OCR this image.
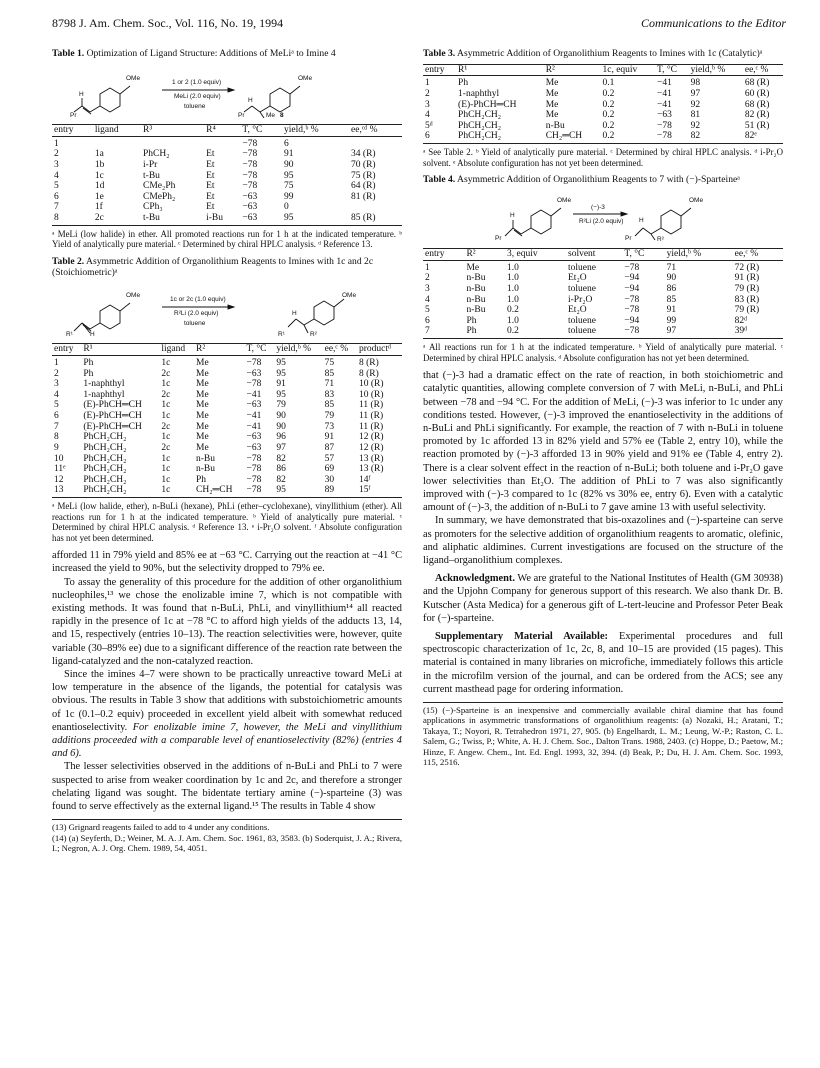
8798 J. Am. Chem. Soc., Vol. 116, No. 19, 1994	Communications to the Editor

Table 1. Optimization of Ligand Structure: Additions of MeLiᵃ to Imine 4

OMe
Pr
H
1 or 2 (1.0 equiv)
MeLi (2.0 equiv)
toluene
OMe
H
Pr	Me 8
entry	ligand	R³	R⁴	T, °C	yield,ᵇ %	ee,ᶜᵈ %
1				−78	6	
2	1a	PhCH₂	Et	−78	91	34 (R)
3	1b	i-Pr	Et	−78	90	70 (R)
4	1c	t-Bu	Et	−78	95	75 (R)
5	1d	CMe₂Ph	Et	−78	75	64 (R)
6	1e	CMePh₂	Et	−63	99	81 (R)
7	1f	CPh₃	Et	−63	0	
8	2c	t-Bu	i-Bu	−63	95	85 (R)

ᵃ MeLi (low halide) in ether. All promoted reactions run for 1 h at the indicated temperature. ᵇ Yield of analytically pure material. ᶜ Determined by chiral HPLC analysis. ᵈ Reference 13.

Table 2. Asymmetric Addition of Organolithium Reagents to Imines with 1c and 2c (Stoichiometric)ᵃ

OMe
R¹	H
1c or 2c (1.0 equiv)
R²Li (2.0 equiv)
toluene
OMe
H
R¹	R²
entry	R¹	ligand	R²	T, °C	yield,ᵇ %	ee,ᶜ %	productᵈ
1	Ph	1c	Me	−78	95	75	8 (R)
2	Ph	2c	Me	−63	95	85	8 (R)
3	1-naphthyl	1c	Me	−78	91	71	10 (R)
4	1-naphthyl	2c	Me	−41	95	83	10 (R)
5	(E)-PhCH═CH	1c	Me	−63	79	85	11 (R)
6	(E)-PhCH═CH	1c	Me	−41	90	79	11 (R)
7	(E)-PhCH═CH	2c	Me	−41	90	73	11 (R)
8	PhCH₂CH₂	1c	Me	−63	96	91	12 (R)
9	PhCH₂CH₂	2c	Me	−63	97	87	12 (R)
10	PhCH₂CH₂	1c	n-Bu	−78	82	57	13 (R)
11ᵉ	PhCH₂CH₂	1c	n-Bu	−78	86	69	13 (R)
12	PhCH₂CH₂	1c	Ph	−78	82	30	14ᶠ
13	PhCH₂CH₂	1c	CH₂═CH	−78	95	89	15ᶠ

ᵃ MeLi (low halide, ether), n-BuLi (hexane), PhLi (ether–cyclohexane), vinyllithium (ether). All reactions run for 1 h at the indicated temperature. ᵇ Yield of analytically pure material. ᶜ Determined by chiral HPLC analysis. ᵈ Reference 13. ᵉ i-Pr₂O solvent. ᶠ Absolute configuration has not yet been determined.

afforded 11 in 79% yield and 85% ee at −63 °C. Carrying out the reaction at −41 °C increased the yield to 90%, but the selectivity dropped to 79% ee.

To assay the generality of this procedure for the addition of other organolithium nucleophiles,¹³ we chose the enolizable imine 7, which is not compatible with existing methods. It was found that n-BuLi, PhLi, and vinyllithium¹⁴ all reacted rapidly in the presence of 1c at −78 °C to afford high yields of the adducts 13, 14, and 15, respectively (entries 10–13). The reaction selectivities were, however, quite variable (30–89% ee) due to a significant difference of the reaction rate between the ligand-catalyzed and the non-catalyzed reaction.

Since the imines 4–7 were shown to be practically unreactive toward MeLi at low temperature in the absence of the ligands, the potential for catalysis was obvious. The results in Table 3 show that additions with substoichiometric amounts of 1c (0.1–0.2 equiv) proceeded in excellent yield albeit with somewhat reduced enantioselectivity. For enolizable imine 7, however, the MeLi and vinyllithium additions proceeded with a comparable level of enantioselectivity (82%) (entries 4 and 6).

The lesser selectivities observed in the additions of n-BuLi and PhLi to 7 were suspected to arise from weaker coordination by 1c and 2c, and therefore a stronger chelating ligand was sought. The bidentate tertiary amine (−)-sparteine (3) was found to serve effectively as the external ligand.¹⁵ The results in Table 4 show

(13) Grignard reagents failed to add to 4 under any conditions.

(14) (a) Seyferth, D.; Weiner, M. A. J. Am. Chem. Soc. 1961, 83, 3583. (b) Soderquist, J. A.; Rivera, I.; Negron, A. J. Org. Chem. 1989, 54, 4051.

Table 3. Asymmetric Addition of Organolithium Reagents to Imines with 1c (Catalytic)ᵃ

entry	R¹	R²	1c, equiv	T, °C	yield,ᵇ %	ee,ᶜ %
1	Ph	Me	0.1	−41	98	68 (R)
2	1-naphthyl	Me	0.2	−41	97	60 (R)
3	(E)-PhCH═CH	Me	0.2	−41	92	68 (R)
4	PhCH₂CH₂	Me	0.2	−63	81	82 (R)
5ᵈ	PhCH₂CH₂	n-Bu	0.2	−78	92	51 (R)
6	PhCH₂CH₂	CH₂═CH	0.2	−78	82	82ᵉ

ᵃ See Table 2. ᵇ Yield of analytically pure material. ᶜ Determined by chiral HPLC analysis. ᵈ i-Pr₂O solvent. ᵉ Absolute configuration has not yet been determined.

Table 4. Asymmetric Addition of Organolithium Reagents to 7 with (−)-Sparteineᵃ

OMe
Pr
H
(−)-3
R²Li (2.0 equiv)
OMe
H
Pr	R²
entry	R²	3, equiv	solvent	T, °C	yield,ᵇ %	ee,ᶜ %
1	Me	1.0	toluene	−78	71	72 (R)
2	n-Bu	1.0	Et₂O	−94	90	91 (R)
3	n-Bu	1.0	toluene	−94	86	79 (R)
4	n-Bu	1.0	i-Pr₂O	−78	85	83 (R)
5	n-Bu	0.2	Et₂O	−78	91	79 (R)
6	Ph	1.0	toluene	−94	99	82ᵈ
7	Ph	0.2	toluene	−78	97	39ᵈ

ᵃ All reactions run for 1 h at the indicated temperature. ᵇ Yield of analytically pure material. ᶜ Determined by chiral HPLC analysis. ᵈ Absolute configuration has not yet been determined.

that (−)-3 had a dramatic effect on the rate of reaction, in both stoichiometric and catalytic quantities, allowing complete conversion of 7 with MeLi, n-BuLi, and PhLi between −78 and −94 °C. For the addition of MeLi, (−)-3 was inferior to 1c under any conditions tested. However, (−)-3 improved the enantioselectivity in the additions of n-BuLi and PhLi significantly. For example, the reaction of 7 with n-BuLi in toluene promoted by 1c afforded 13 in 82% yield and 57% ee (Table 2, entry 10), while the reaction promoted by (−)-3 afforded 13 in 90% yield and 91% ee (Table 4, entry 2). There is a clear solvent effect in the reaction of n-BuLi; both toluene and i-Pr₂O gave lower selectivities than Et₂O. The addition of PhLi to 7 was also significantly improved with (−)-3 compared to 1c (82% vs 30% ee, entry 6). Even with a catalytic amount of (−)-3, the addition of n-BuLi to 7 gave amine 13 with useful selectivity.

In summary, we have demonstrated that bis-oxazolines and (−)-sparteine can serve as promoters for the selective addition of organolithium reagents to aromatic, olefinic, and aliphatic aldimines. Current investigations are focused on the structure of the ligand–organolithium complexes.

Acknowledgment. We are grateful to the National Institutes of Health (GM 30938) and the Upjohn Company for generous support of this research. We also thank Dr. B. Kutscher (Asta Medica) for a generous gift of L-tert-leucine and Professor Peter Beak for (−)-sparteine.

Supplementary Material Available: Experimental procedures and full spectroscopic characterization of 1c, 2c, 8, and 10–15 are provided (15 pages). This material is contained in many libraries on microfiche, immediately follows this article in the microfilm version of the journal, and can be ordered from the ACS; see any current masthead page for ordering information.

(15) (−)-Sparteine is an inexpensive and commercially available chiral diamine that has found applications in asymmetric transformations of organolithium reagents: (a) Nozaki, H.; Aratani, T.; Takaya, T.; Noyori, R. Tetrahedron 1971, 27, 905. (b) Engelhardt, L. M.; Leung, W.-P.; Raston, C. L. Salem, G.; Twiss, P.; White, A. H. J. Chem. Soc., Dalton Trans. 1988, 2403. (c) Hoppe, D.; Paetow, M.; Hinze, F. Angew. Chem., Int. Ed. Engl. 1993, 32, 394. (d) Beak, P.; Du, H. J. Am. Chem. Soc. 1993, 115, 2516.
